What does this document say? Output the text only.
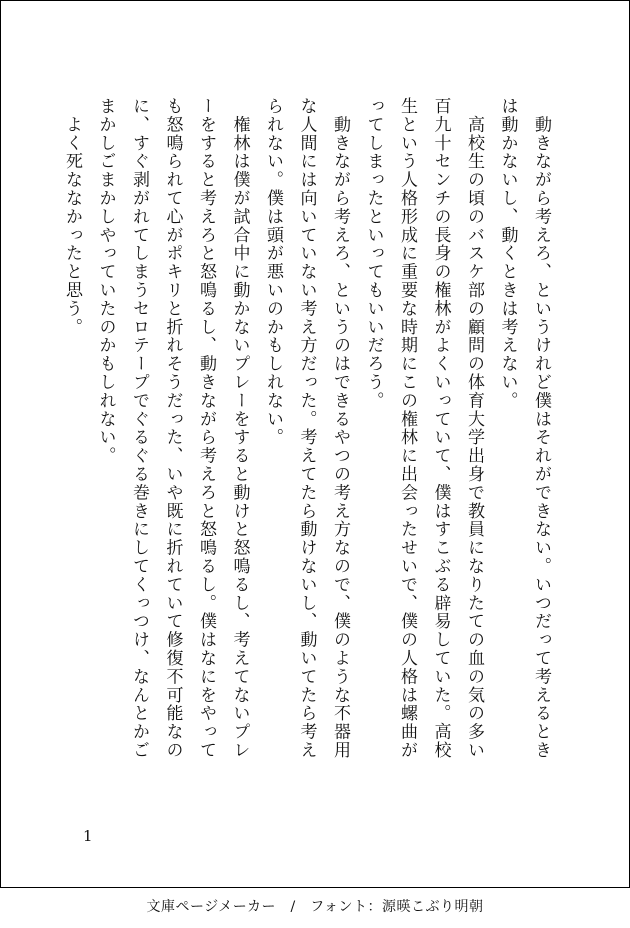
　動きながら考えろ、というけれど僕はそれができない。いつだって考えるとき
は動かないし、動くときは考えない。

　高校生の頃のバスケ部の顧問の体育大学出身で教員になりたての血の気の多い
百九十センチの長身の権林がよくいっていて、僕はすこぶる辟易していた。高校
生という人格形成に重要な時期にこの権林に出会ったせいで、僕の人格は螺曲が
ってしまったといってもいいだろう。

　動きながら考えろ、というのはできるやつの考え方なので、僕のような不器用
な人間には向いていない考え方だった。考えてたら動けないし、動いてたら考え
られない。僕は頭が悪いのかもしれない。

　権林は僕が試合中に動かないプレーをすると動けと怒鳴るし、考えてないプレ
ーをすると考えろと怒鳴るし、動きながら考えろと怒鳴るし。僕はなにをやって
も怒鳴られて心がポキリと折れそうだった、いや既に折れていて修復不可能なの
に、すぐ剥がれてしまうセロテープでぐるぐる巻きにしてくっつけ、なんとかご
まかしごまかしやっていたのかもしれない。

　よく死ななかったと思う。

1
文庫ページメーカー　/　フォント：源暎こぶり明朝
